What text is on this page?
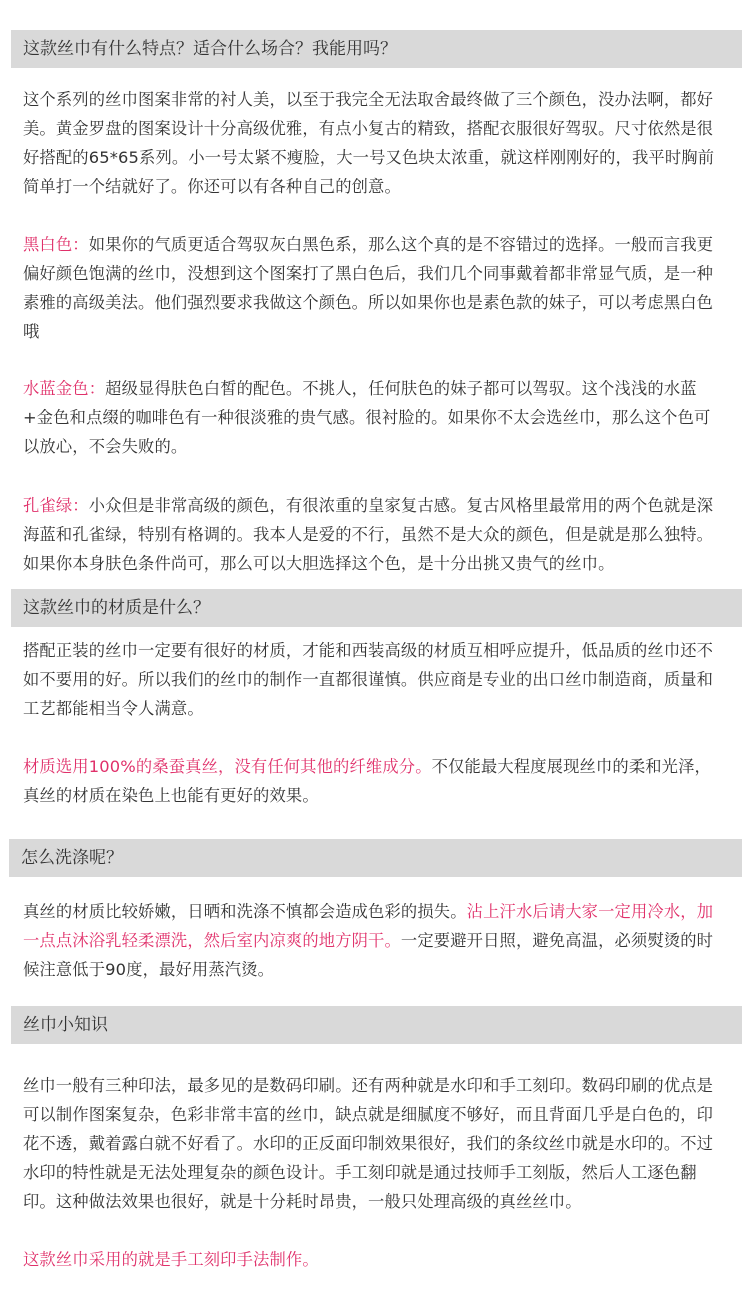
这款丝巾有什么特点？适合什么场合？我能用吗？

这个系列的丝巾图案非常的衬人美，以至于我完全无法取舍最终做了三个颜色，没办法啊，都好美。黄金罗盘的图案设计十分高级优雅，有点小复古的精致，搭配衣服很好驾驭。尺寸依然是很好搭配的65*65系列。小一号太紧不瘦脸，大一号又色块太浓重，就这样刚刚好的，我平时胸前简单打一个结就好了。你还可以有各种自己的创意。

黑白色：如果你的气质更适合驾驭灰白黑色系，那么这个真的是不容错过的选择。一般而言我更偏好颜色饱满的丝巾，没想到这个图案打了黑白色后，我们几个同事戴着都非常显气质，是一种素雅的高级美法。他们强烈要求我做这个颜色。所以如果你也是素色款的妹子，可以考虑黑白色哦

水蓝金色：超级显得肤色白皙的配色。不挑人，任何肤色的妹子都可以驾驭。这个浅浅的水蓝+金色和点缀的咖啡色有一种很淡雅的贵气感。很衬脸的。如果你不太会选丝巾，那么这个色可以放心，不会失败的。

孔雀绿：小众但是非常高级的颜色，有很浓重的皇家复古感。复古风格里最常用的两个色就是深海蓝和孔雀绿，特别有格调的。我本人是爱的不行，虽然不是大众的颜色，但是就是那么独特。如果你本身肤色条件尚可，那么可以大胆选择这个色，是十分出挑又贵气的丝巾。

这款丝巾的材质是什么？

搭配正装的丝巾一定要有很好的材质，才能和西装高级的材质互相呼应提升，低品质的丝巾还不如不要用的好。所以我们的丝巾的制作一直都很谨慎。供应商是专业的出口丝巾制造商，质量和工艺都能相当令人满意。

材质选用100%的桑蚕真丝，没有任何其他的纤维成分。不仅能最大程度展现丝巾的柔和光泽，真丝的材质在染色上也能有更好的效果。

怎么洗涤呢？

真丝的材质比较娇嫩，日晒和洗涤不慎都会造成色彩的损失。沾上汗水后请大家一定用冷水，加一点点沐浴乳轻柔漂洗，然后室内凉爽的地方阴干。一定要避开日照，避免高温，必须熨烫的时候注意低于90度，最好用蒸汽烫。

丝巾小知识

丝巾一般有三种印法，最多见的是数码印刷。还有两种就是水印和手工刻印。数码印刷的优点是可以制作图案复杂，色彩非常丰富的丝巾，缺点就是细腻度不够好，而且背面几乎是白色的，印花不透，戴着露白就不好看了。水印的正反面印制效果很好，我们的条纹丝巾就是水印的。不过水印的特性就是无法处理复杂的颜色设计。手工刻印就是通过技师手工刻版，然后人工逐色翻印。这种做法效果也很好，就是十分耗时昂贵，一般只处理高级的真丝丝巾。

这款丝巾采用的就是手工刻印手法制作。
